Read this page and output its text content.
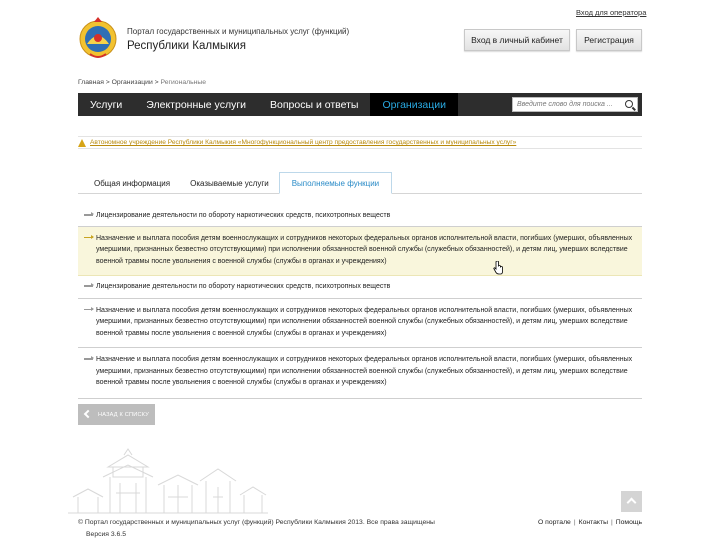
Вход для оператора
Портал государственных и муниципальных услуг (функций)
Республики Калмыкия	Вход в личный кабинет	Регистрация
Главная > Организации > Региональные
Услуги	Электронные услуги	Вопросы и ответы	Организации	Введите слово для поиска ...
Автономное учреждение Республики Калмыкия «Многофункциональный центр предоставления государственных и муниципальных услуг»
Общая информация	Оказываемые услуги	Выполняемые функции
Лицензирование деятельности по обороту наркотических средств, психотропных веществ
Назначение и выплата пособия детям военнослужащих и сотрудников некоторых федеральных органов исполнительной власти, погибших (умерших, объявленных умершими, признанных безвестно отсутствующими) при исполнении обязанностей военной службы (служебных обязанностей), и детям лиц, умерших вследствие военной травмы после увольнения с военной службы (службы в органах и учреждениях)
Лицензирование деятельности по обороту наркотических средств, психотропных веществ
Назначение и выплата пособия детям военнослужащих и сотрудников некоторых федеральных органов исполнительной власти, погибших (умерших, объявленных умершими, признанных безвестно отсутствующими) при исполнении обязанностей военной службы (служебных обязанностей), и детям лиц, умерших вследствие военной травмы после увольнения с военной службы (службы в органах и учреждениях)
Назначение и выплата пособия детям военнослужащих и сотрудников некоторых федеральных органов исполнительной власти, погибших (умерших, объявленных умершими, признанных безвестно отсутствующими) при исполнении обязанностей военной службы (служебных обязанностей), и детям лиц, умерших вследствие военной травмы после увольнения с военной службы (службы в органах и учреждениях)
НАЗАД К СПИСКУ
© Портал государственных и муниципальных услуг (функций) Республики Калмыкия 2013. Все права защищены
Версия 3.6.5
О портале | Контакты | Помощь
